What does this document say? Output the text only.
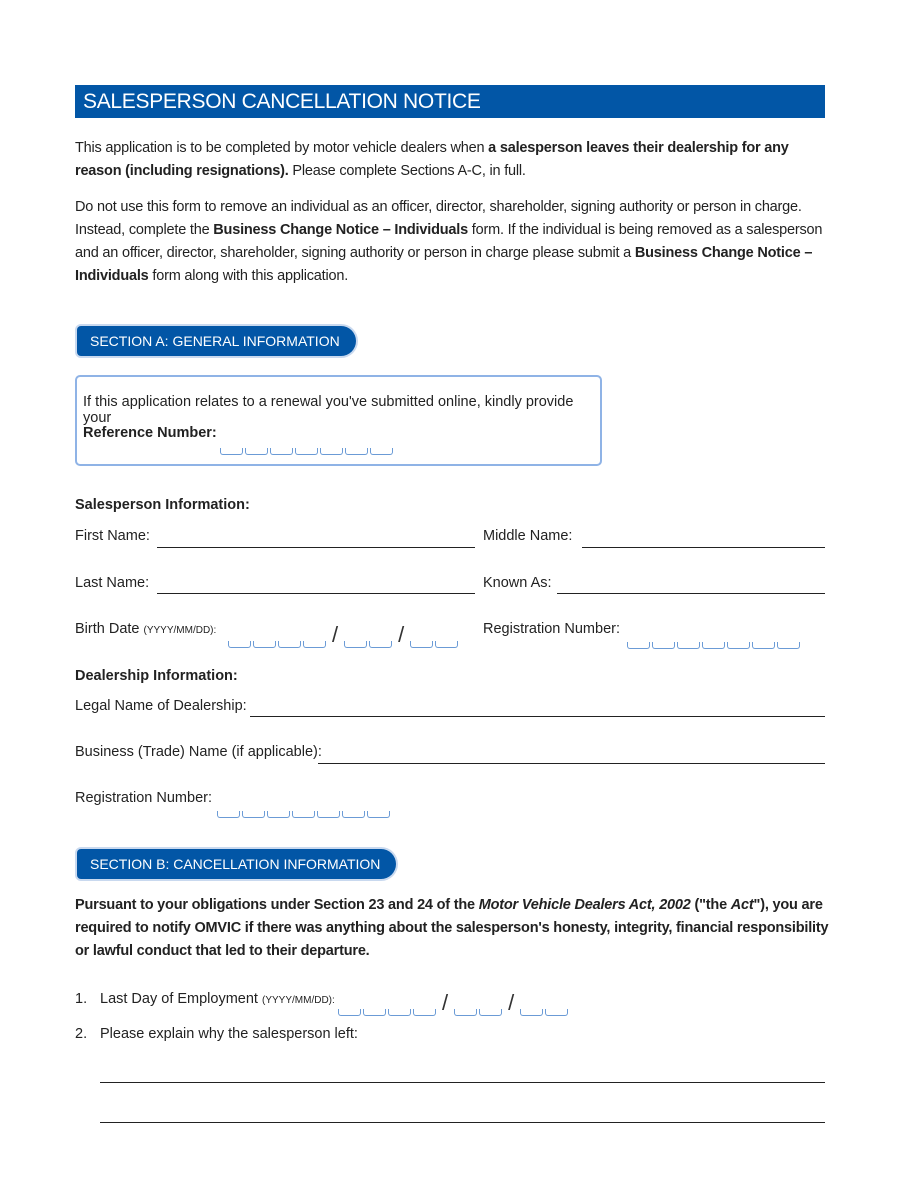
SALESPERSON CANCELLATION NOTICE
This application is to be completed by motor vehicle dealers when a salesperson leaves their dealership for any reason (including resignations). Please complete Sections A-C, in full.
Do not use this form to remove an individual as an officer, director, shareholder, signing authority or person in charge. Instead, complete the Business Change Notice – Individuals form. If the individual is being removed as a salesperson and an officer, director, shareholder, signing authority or person in charge please submit a Business Change Notice – Individuals form along with this application.
SECTION A: GENERAL INFORMATION
If this application relates to a renewal you've submitted online, kindly provide your
Reference Number:
Salesperson Information:
First Name:	Middle Name:
Last Name:	Known As:
Birth Date (YYYY/MM/DD):	/	/	Registration Number:
Dealership Information:
Legal Name of Dealership:
Business (Trade) Name (if applicable):
Registration Number:
SECTION B: CANCELLATION INFORMATION
Pursuant to your obligations under Section 23 and 24 of the Motor Vehicle Dealers Act, 2002 ("the Act"), you are required to notify OMVIC if there was anything about the salesperson's honesty, integrity, financial responsibility or lawful conduct that led to their departure.
1. Last Day of Employment (YYYY/MM/DD):	/	/
2. Please explain why the salesperson left:
